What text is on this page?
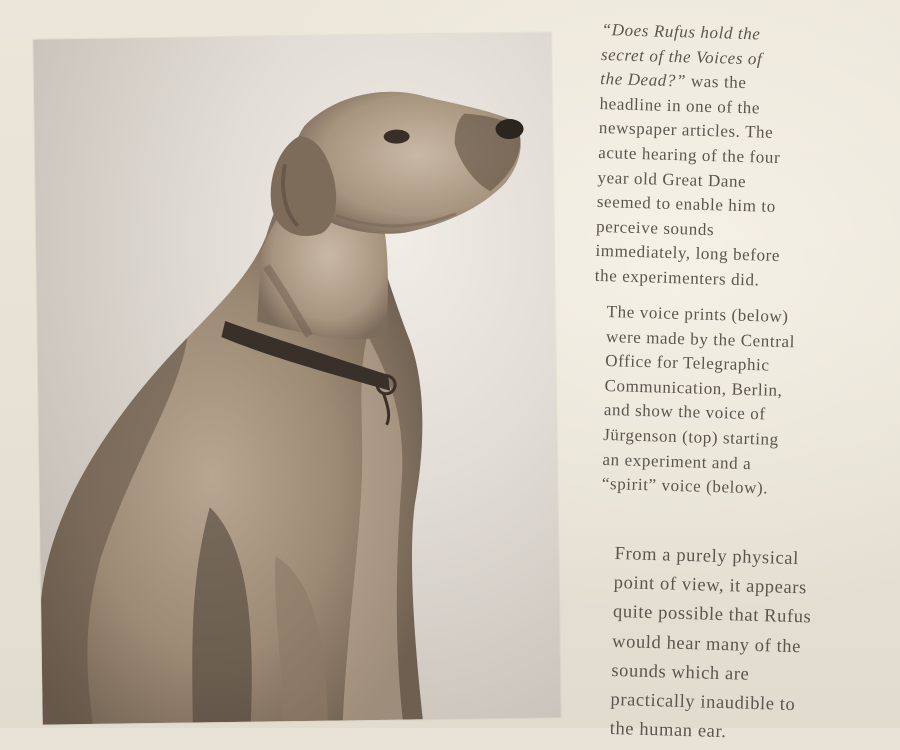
“Does Rufus hold the
secret of the Voices of
the Dead?” was the
headline in one of the
newspaper articles. The
acute hearing of the four
year old Great Dane
seemed to enable him to
perceive sounds
immediately, long before
the experimenters did.
The voice prints (below)
were made by the Central
Office for Telegraphic
Communication, Berlin,
and show the voice of
Jürgenson (top) starting
an experiment and a
“spirit” voice (below).
From a purely physical
point of view, it appears
quite possible that Rufus
would hear many of the
sounds which are
practically inaudible to
the human ear.
